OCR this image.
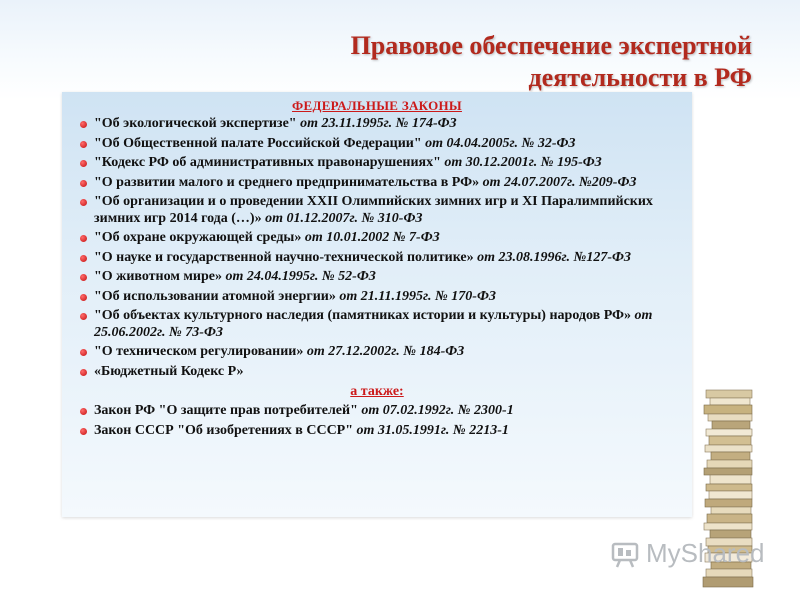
Правовое обеспечение экспертной
деятельности в РФ
ФЕДЕРАЛЬНЫЕ ЗАКОНЫ
"Об экологической экспертизе" от 23.11.1995г. № 174-ФЗ
"Об Общественной палате Российской Федерации" от 04.04.2005г. № 32-ФЗ
"Кодекс РФ об административных правонарушениях" от 30.12.2001г. № 195-ФЗ
"О развитии малого и среднего предпринимательства в РФ» от 24.07.2007г. №209-ФЗ
"Об организации и о проведении XXII Олимпийских зимних игр и XI Паралимпийских зимних игр 2014 года (…)» от 01.12.2007г. № 310-ФЗ
"Об охране окружающей среды» от 10.01.2002 № 7-ФЗ
"О науке и государственной научно-технической политике» от 23.08.1996г. №127-ФЗ
"О животном мире» от 24.04.1995г. № 52-ФЗ
"Об использовании атомной энергии» от 21.11.1995г. № 170-ФЗ
"Об объектах культурного наследия (памятниках истории и культуры) народов РФ» от 25.06.2002г. № 73-ФЗ
"О техническом регулировании» от 27.12.2002г. № 184-ФЗ
«Бюджетный Кодекс Р»
а также:
Закон РФ "О защите прав потребителей" от 07.02.1992г. № 2300-1
Закон СССР "Об изобретениях в СССР" от 31.05.1991г. № 2213-1
MyShared
